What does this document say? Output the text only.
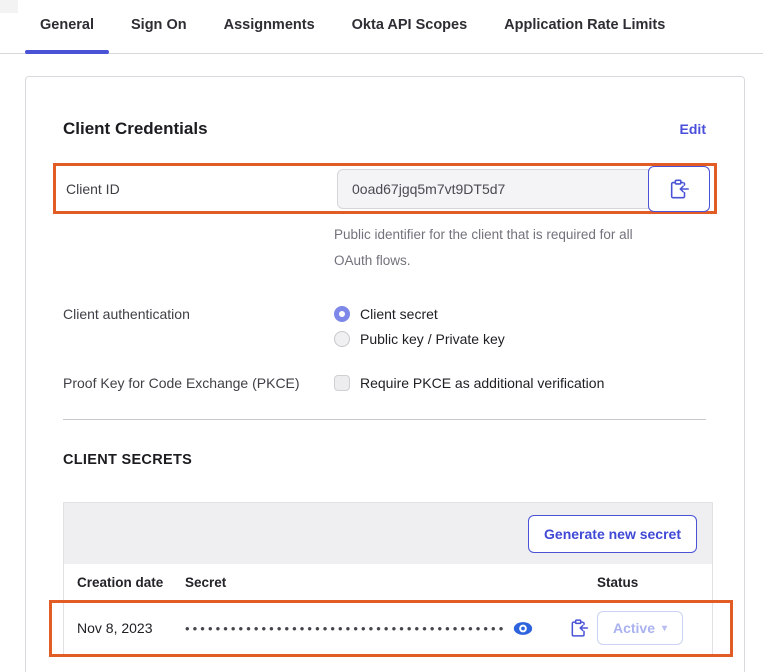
General	Sign On	Assignments	Okta API Scopes	Application Rate Limits
Client Credentials	Edit
Client ID
0oad67jgq5m7vt9DT5d7
Public identifier for the client that is required for all
OAuth flows.
Client authentication	Client secret
Public key / Private key
Proof Key for Code Exchange (PKCE)	Require PKCE as additional verification
CLIENT SECRETS
Generate new secret
Creation date	Secret	Status
Nov 8, 2023	••••••••••••••••••••••••••••••••••••••••••	Active ▾
